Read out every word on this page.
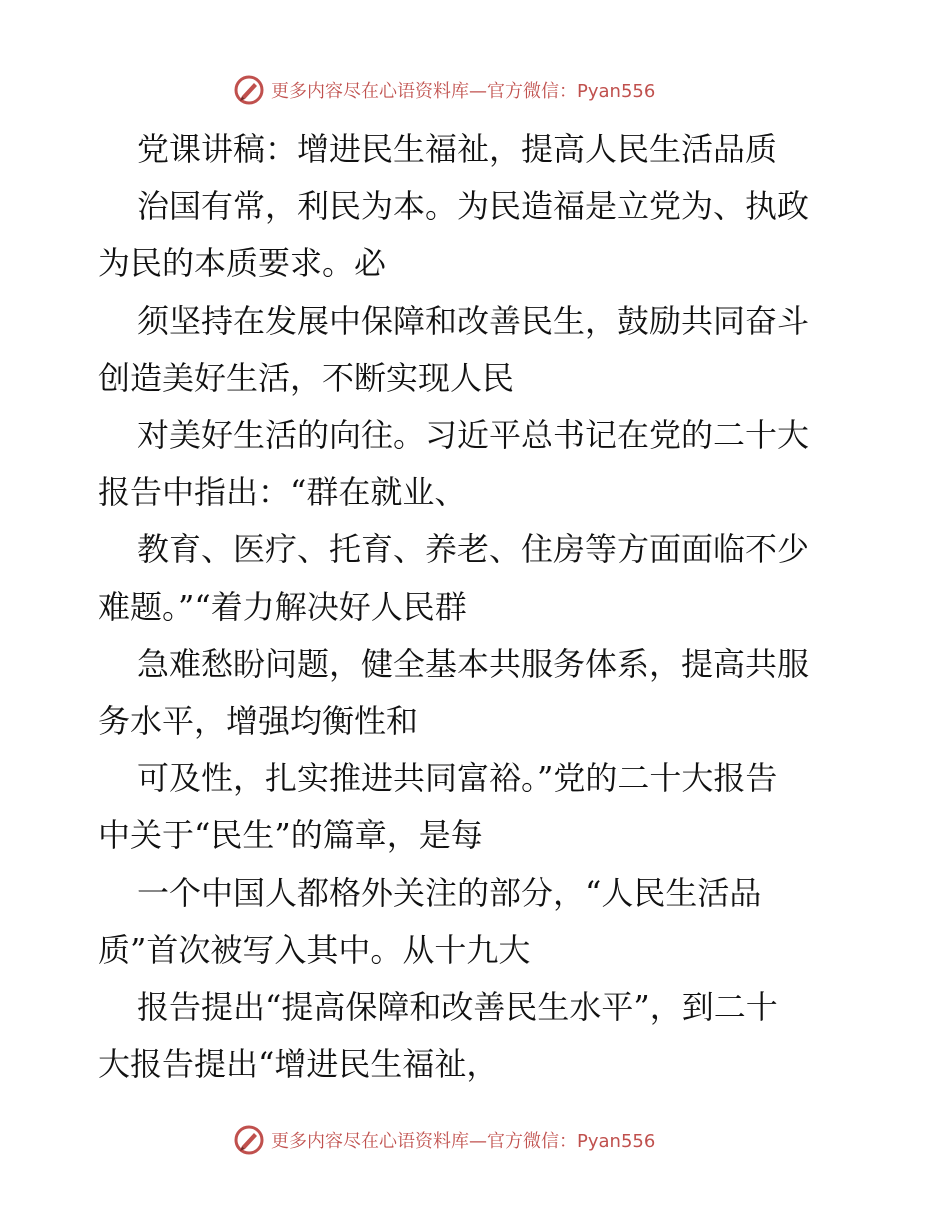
更多内容尽在心语资料库—官方微信：Pyan556
党课讲稿：增进民生福祉，提高人民生活品质
治国有常，利民为本。为民造福是立党为、执政
为民的本质要求。必
须坚持在发展中保障和改善民生，鼓励共同奋斗
创造美好生活，不断实现人民
对美好生活的向往。习近平总书记在党的二十大
报告中指出：“群在就业、
教育、医疗、托育、养老、住房等方面面临不少
难题。”“着力解决好人民群
急难愁盼问题，健全基本共服务体系，提高共服
务水平，增强均衡性和
可及性，扎实推进共同富裕。”党的二十大报告
中关于“民生”的篇章，是每
一个中国人都格外关注的部分，“人民生活品
质”首次被写入其中。从十九大
报告提出“提高保障和改善民生水平”，到二十
大报告提出“增进民生福祉，
更多内容尽在心语资料库—官方微信：Pyan556
